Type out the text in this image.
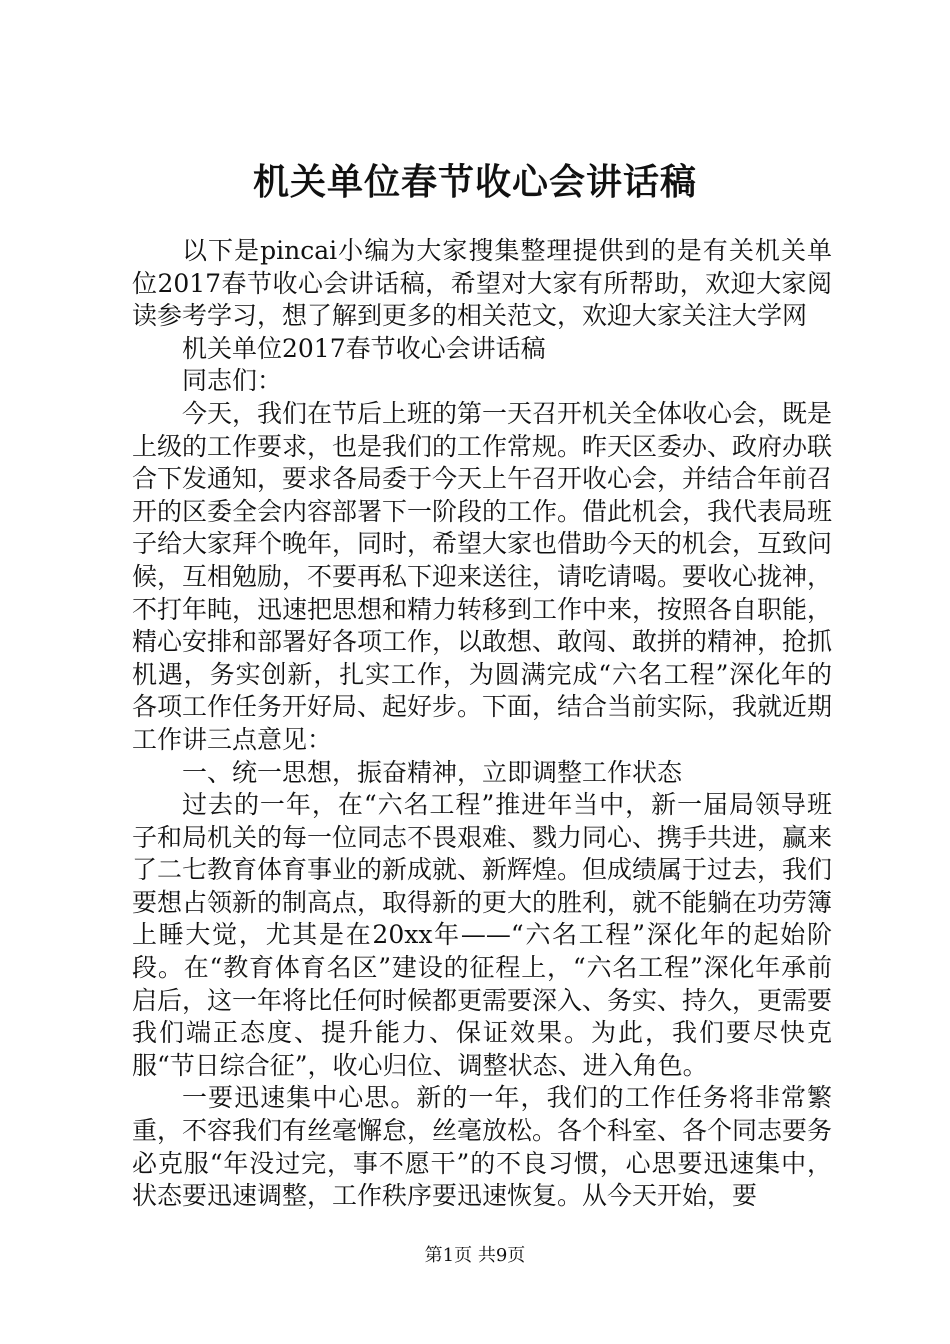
机关单位春节收心会讲话稿

以下是pincai小编为大家搜集整理提供到的是有关机关单位2017春节收心会讲话稿，希望对大家有所帮助，欢迎大家阅读参考学习，想了解到更多的相关范文，欢迎大家关注大学网

机关单位2017春节收心会讲话稿

同志们：

今天，我们在节后上班的第一天召开机关全体收心会，既是上级的工作要求，也是我们的工作常规。昨天区委办、政府办联合下发通知，要求各局委于今天上午召开收心会，并结合年前召开的区委全会内容部署下一阶段的工作。借此机会，我代表局班子给大家拜个晚年，同时，希望大家也借助今天的机会，互致问候，互相勉励，不要再私下迎来送往，请吃请喝。要收心拢神，不打年盹，迅速把思想和精力转移到工作中来，按照各自职能，精心安排和部署好各项工作，以敢想、敢闯、敢拼的精神，抢抓机遇，务实创新，扎实工作，为圆满完成“六名工程”深化年的各项工作任务开好局、起好步。下面，结合当前实际，我就近期工作讲三点意见：

一、统一思想，振奋精神，立即调整工作状态

过去的一年，在“六名工程”推进年当中，新一届局领导班子和局机关的每一位同志不畏艰难、戮力同心、携手共进，赢来了二七教育体育事业的新成就、新辉煌。但成绩属于过去，我们要想占领新的制高点，取得新的更大的胜利，就不能躺在功劳簿上睡大觉，尤其是在20xx年——“六名工程”深化年的起始阶段。在“教育体育名区”建设的征程上，“六名工程”深化年承前启后，这一年将比任何时候都更需要深入、务实、持久，更需要我们端正态度、提升能力、保证效果。为此，我们要尽快克服“节日综合征”，收心归位、调整状态、进入角色。

一要迅速集中心思。新的一年，我们的工作任务将非常繁重，不容我们有丝毫懈怠，丝毫放松。各个科室、各个同志要务必克服“年没过完，事不愿干”的不良习惯，心思要迅速集中，状态要迅速调整，工作秩序要迅速恢复。从今天开始，要

第1页 共9页
